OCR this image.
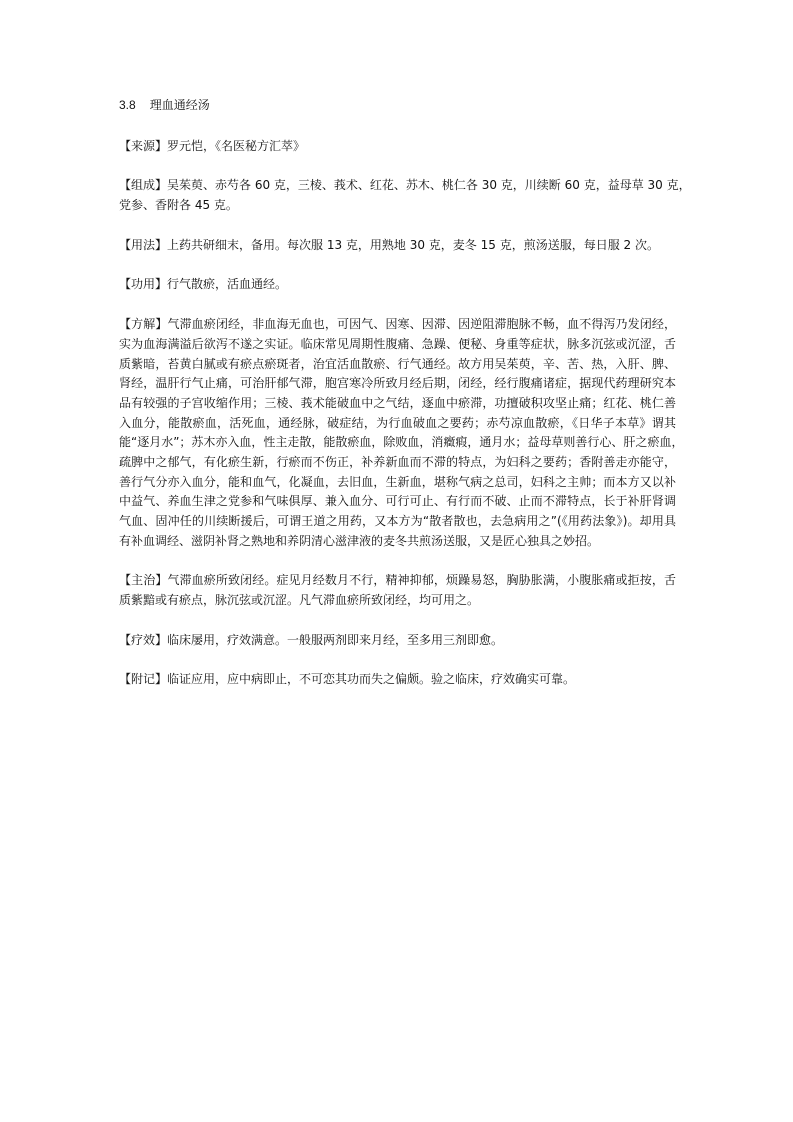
3.8 理血通经汤
【来源】罗元恺，《名医秘方汇萃》
【组成】吴茱萸、赤芍各 60 克，三棱、莪术、红花、苏木、桃仁各 30 克，川续断 60 克，益母草 30 克，
党参、香附各 45 克。
【用法】上药共研细末，备用。每次服 13 克，用熟地 30 克，麦冬 15 克，煎汤送服，每日服 2 次。
【功用】行气散瘀，活血通经。
【方解】气滞血瘀闭经，非血海无血也，可因气、因寒、因滞、因逆阻滞胞脉不畅，血不得泻乃发闭经，
实为血海满溢后欲泻不遂之实证。临床常见周期性腹痛、急躁、便秘、身重等症状，脉多沉弦或沉涩，舌
质紫暗，苔黄白腻或有瘀点瘀斑者，治宜活血散瘀、行气通经。故方用吴茱萸，辛、苦、热，入肝、脾、
肾经，温肝行气止痛，可治肝郁气滞，胞宫寒冷所致月经后期，闭经，经行腹痛诸症，据现代药理研究本
品有较强的子宫收缩作用；三棱、莪术能破血中之气结，逐血中瘀滞，功擅破积攻坚止痛；红花、桃仁善
入血分，能散瘀血，活死血，通经脉，破症结，为行血破血之要药；赤芍凉血散瘀，《日华子本草》谓其
能“逐月水”；苏木亦入血，性主走散，能散瘀血，除败血，消癥瘕，通月水；益母草则善行心、肝之瘀血，
疏脾中之郁气，有化瘀生新，行瘀而不伤正，补养新血而不滞的特点，为妇科之要药；香附善走亦能守，
善行气分亦入血分，能和血气，化凝血，去旧血，生新血，堪称气病之总司，妇科之主帅；而本方又以补
中益气、养血生津之党参和气味俱厚、兼入血分、可行可止、有行而不破、止而不滞特点，长于补肝肾调
气血、固冲任的川续断援后，可谓王道之用药，又本方为“散者散也，去急病用之”(《用药法象》)。却用具
有补血调经、滋阴补肾之熟地和养阴清心滋津液的麦冬共煎汤送服，又是匠心独具之妙招。
【主治】气滞血瘀所致闭经。症见月经数月不行，精神抑郁，烦躁易怒，胸胁胀满，小腹胀痛或拒按，舌
质紫黯或有瘀点，脉沉弦或沉涩。凡气滞血瘀所致闭经，均可用之。
【疗效】临床屡用，疗效满意。一般服两剂即来月经，至多用三剂即愈。
【附记】临证应用，应中病即止，不可恋其功而失之偏颇。验之临床，疗效确实可靠。
